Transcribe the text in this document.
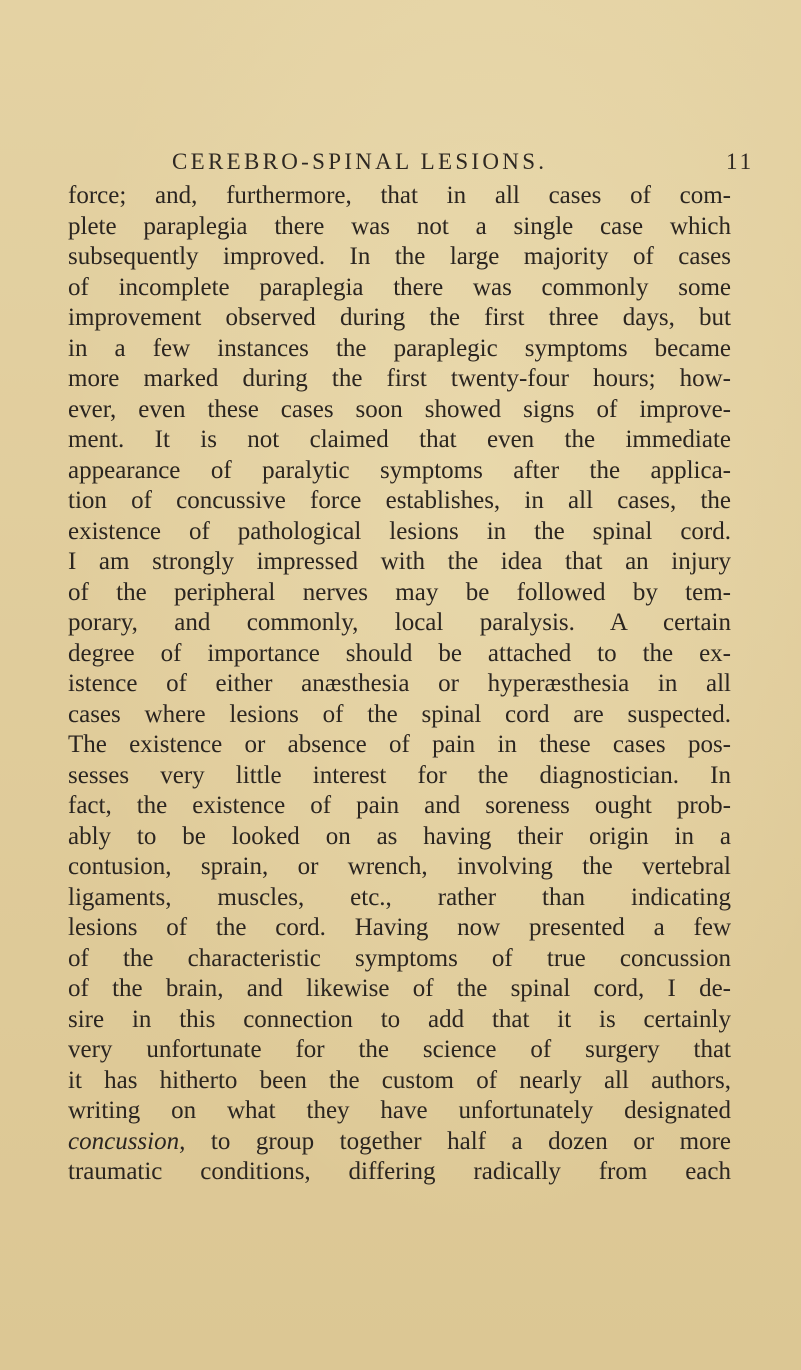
CEREBRO-SPINAL LESIONS.	11
force; and, furthermore, that in all cases of com-
plete paraplegia there was not a single case which
subsequently improved. In the large majority of cases
of incomplete paraplegia there was commonly some
improvement observed during the first three days, but
in a few instances the paraplegic symptoms became
more marked during the first twenty-four hours; how-
ever, even these cases soon showed signs of improve-
ment. It is not claimed that even the immediate
appearance of paralytic symptoms after the applica-
tion of concussive force establishes, in all cases, the
existence of pathological lesions in the spinal cord.
I am strongly impressed with the idea that an injury
of the peripheral nerves may be followed by tem-
porary, and commonly, local paralysis. A certain
degree of importance should be attached to the ex-
istence of either anæsthesia or hyperæsthesia in all
cases where lesions of the spinal cord are suspected.
The existence or absence of pain in these cases pos-
sesses very little interest for the diagnostician. In
fact, the existence of pain and soreness ought prob-
ably to be looked on as having their origin in a
contusion, sprain, or wrench, involving the vertebral
ligaments, muscles, etc., rather than indicating
lesions of the cord. Having now presented a few
of the characteristic symptoms of true concussion
of the brain, and likewise of the spinal cord, I de-
sire in this connection to add that it is certainly
very unfortunate for the science of surgery that
it has hitherto been the custom of nearly all authors,
writing on what they have unfortunately designated
concussion, to group together half a dozen or more
traumatic conditions, differing radically from each
